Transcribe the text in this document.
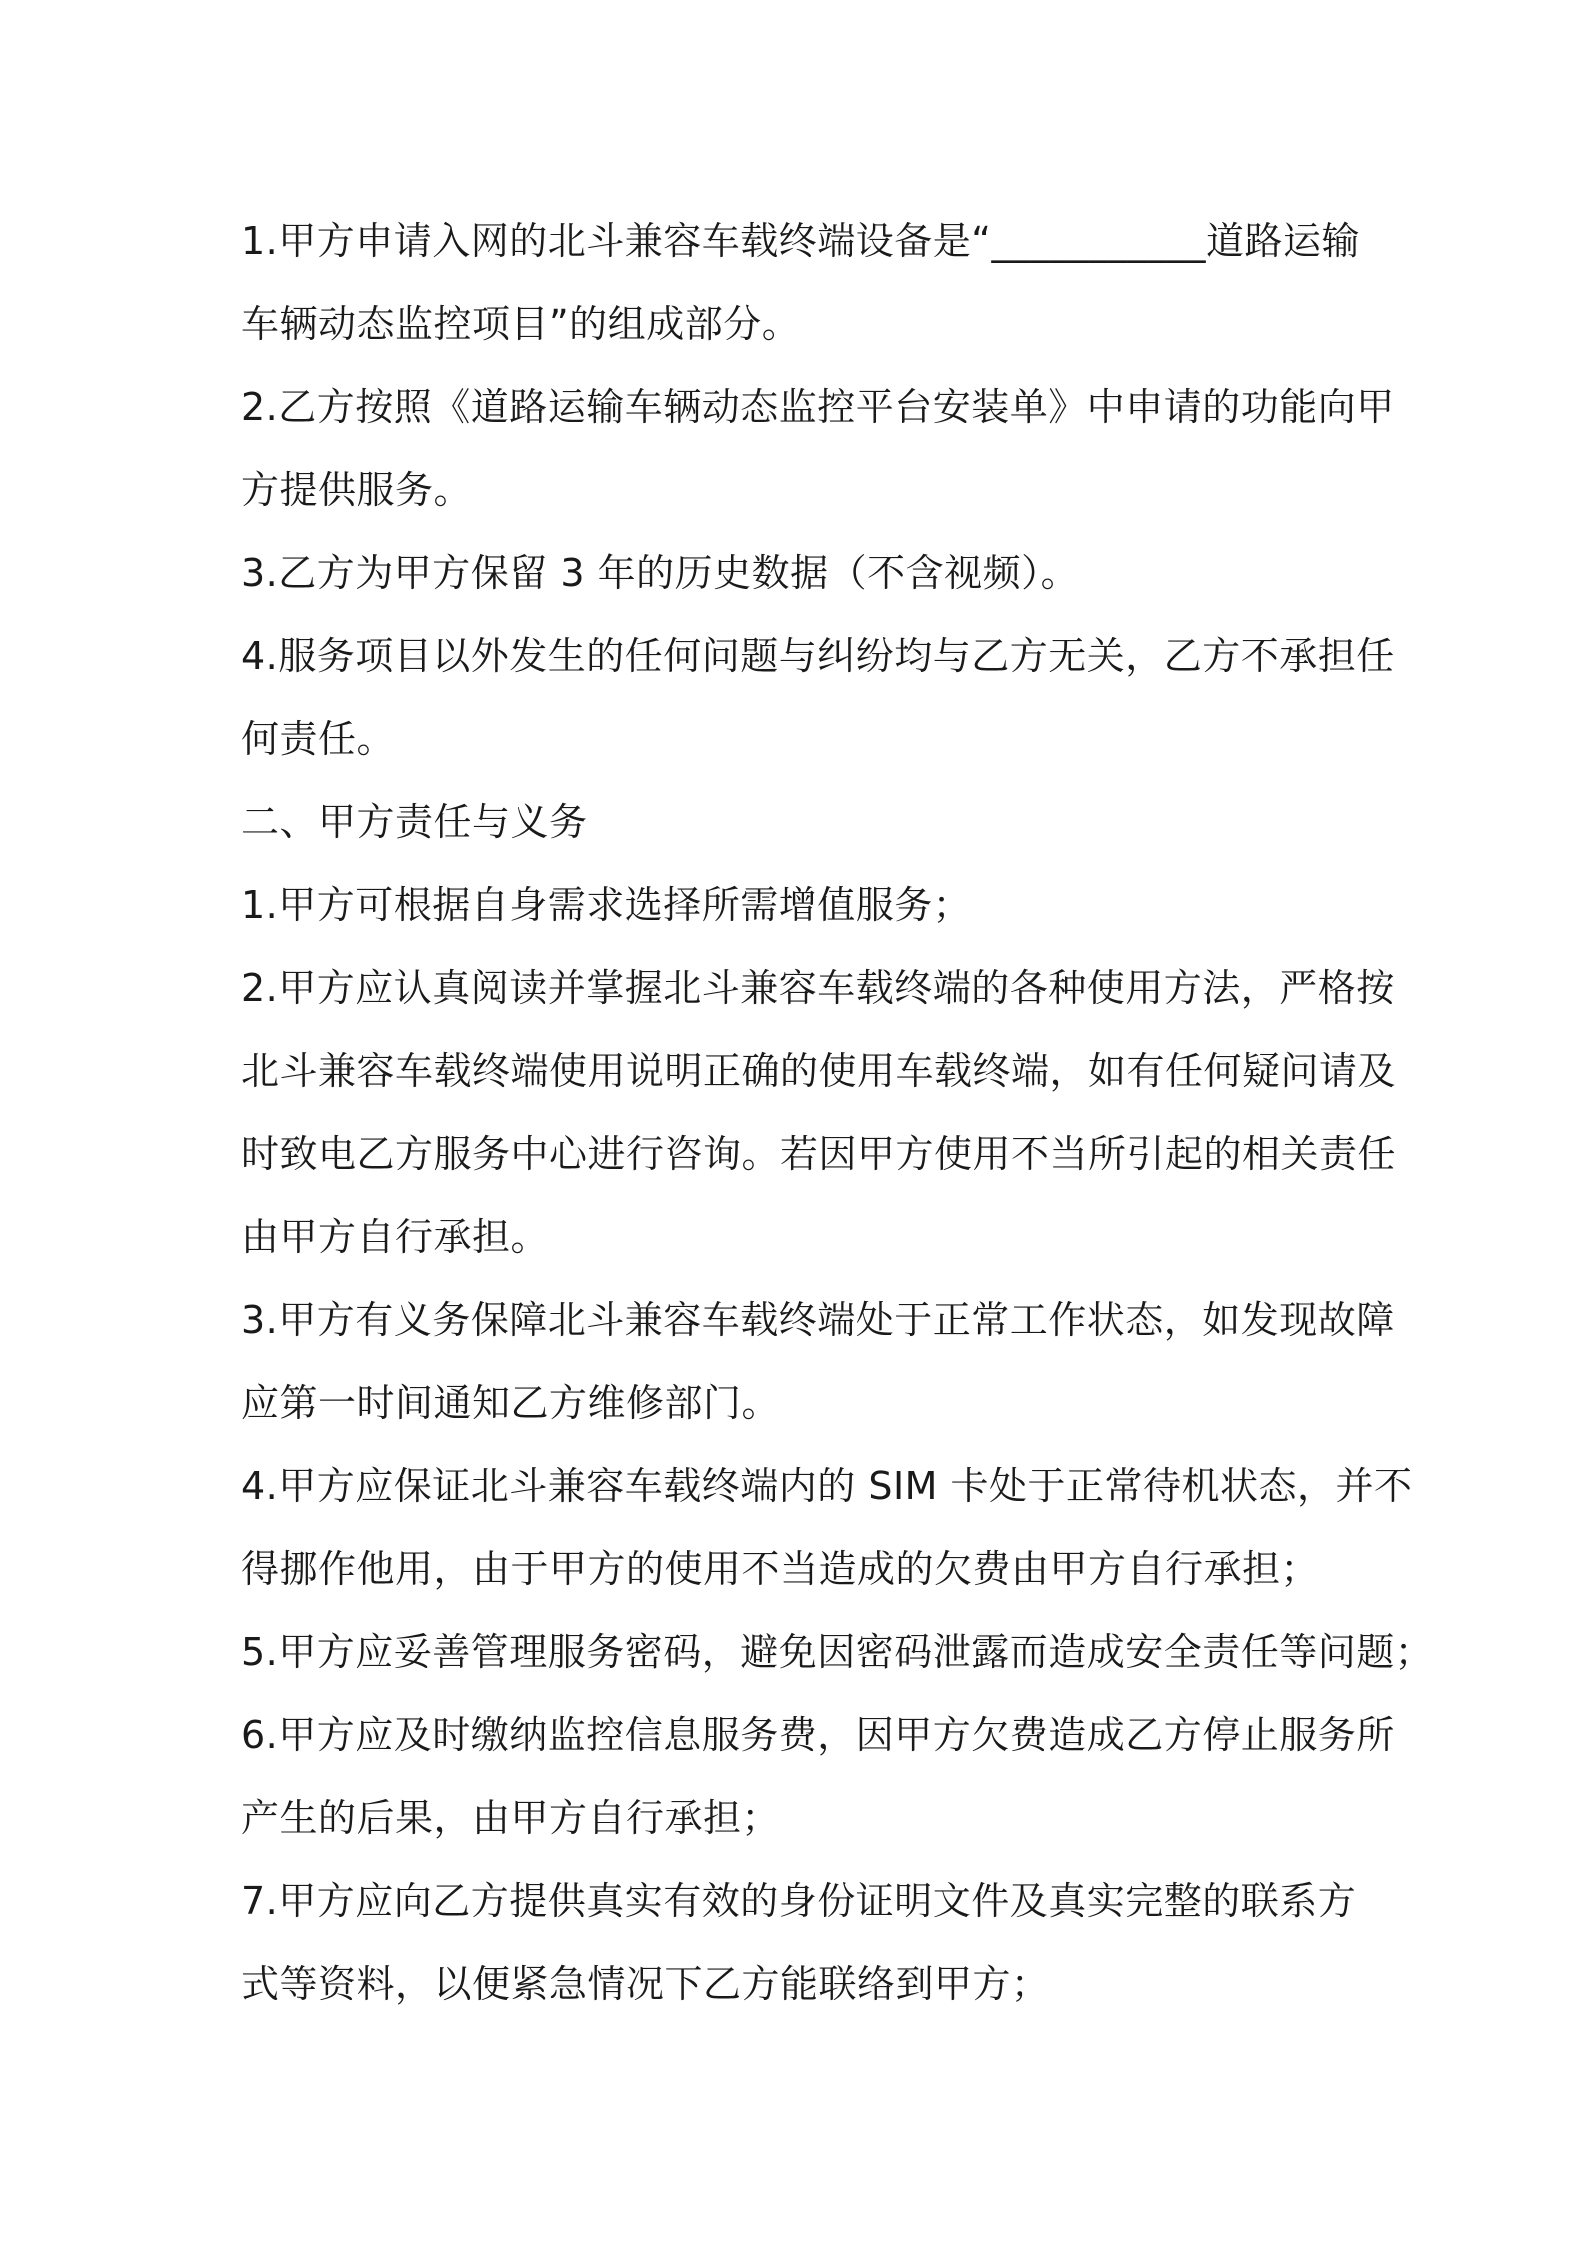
1.甲方申请入网的北斗兼容车载终端设备是“___________道路运输

车辆动态监控项目”的组成部分。

2.乙方按照《道路运输车辆动态监控平台安装单》中申请的功能向甲

方提供服务。

3.乙方为甲方保留 3 年的历史数据（不含视频）。

4.服务项目以外发生的任何问题与纠纷均与乙方无关，乙方不承担任

何责任。

二、甲方责任与义务

1.甲方可根据自身需求选择所需增值服务；

2.甲方应认真阅读并掌握北斗兼容车载终端的各种使用方法，严格按

北斗兼容车载终端使用说明正确的使用车载终端，如有任何疑问请及

时致电乙方服务中心进行咨询。若因甲方使用不当所引起的相关责任

由甲方自行承担。

3.甲方有义务保障北斗兼容车载终端处于正常工作状态，如发现故障

应第一时间通知乙方维修部门。

4.甲方应保证北斗兼容车载终端内的 SIM 卡处于正常待机状态，并不

得挪作他用，由于甲方的使用不当造成的欠费由甲方自行承担；

5.甲方应妥善管理服务密码，避免因密码泄露而造成安全责任等问题；

6.甲方应及时缴纳监控信息服务费，因甲方欠费造成乙方停止服务所

产生的后果，由甲方自行承担；

7.甲方应向乙方提供真实有效的身份证明文件及真实完整的联系方

式等资料，以便紧急情况下乙方能联络到甲方；
